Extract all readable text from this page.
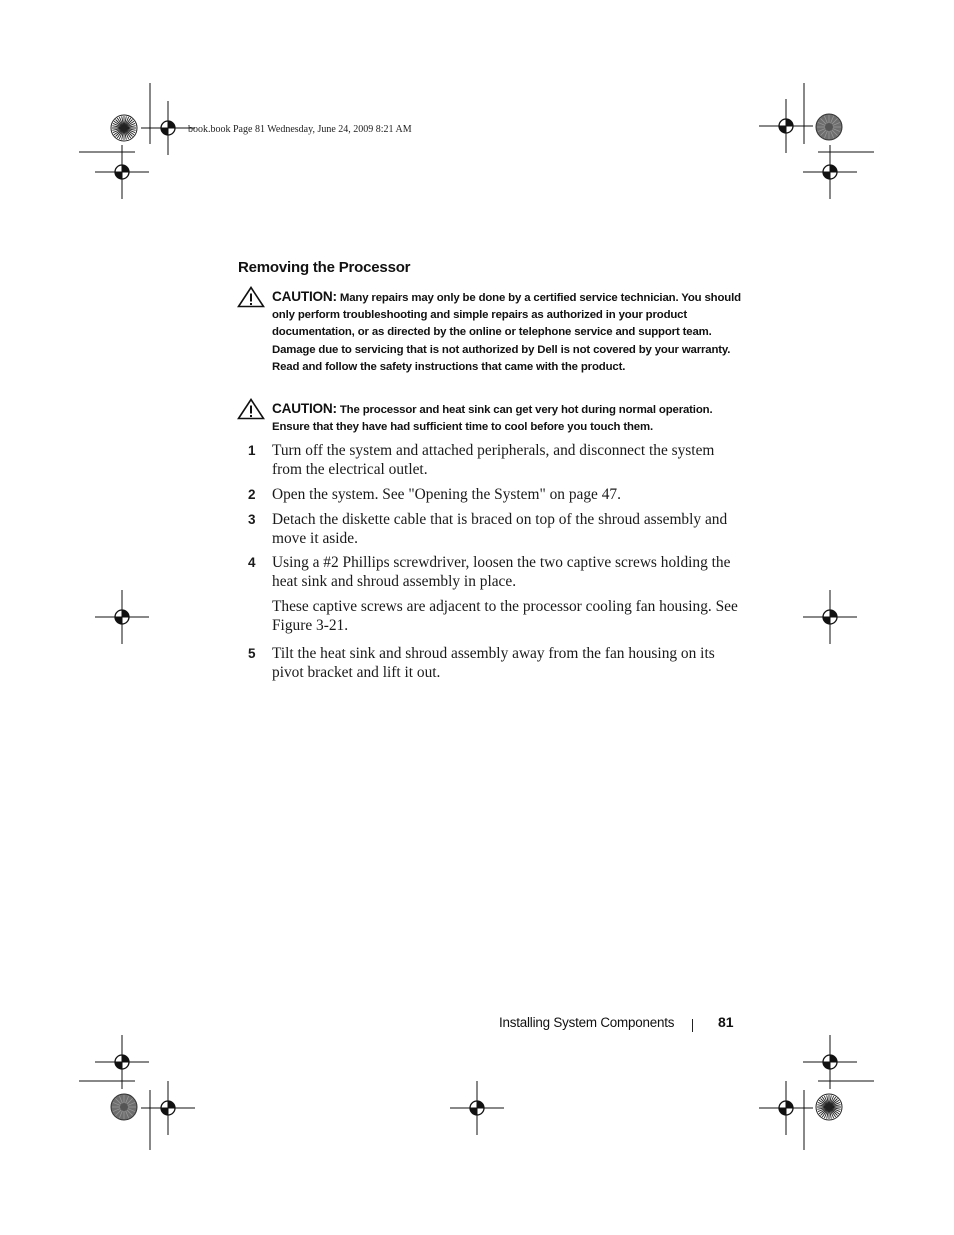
book.book Page 81 Wednesday, June 24, 2009 8:21 AM
Removing the Processor
CAUTION: Many repairs may only be done by a certified service technician. You should only perform troubleshooting and simple repairs as authorized in your product documentation, or as directed by the online or telephone service and support team. Damage due to servicing that is not authorized by Dell is not covered by your warranty. Read and follow the safety instructions that came with the product.
CAUTION: The processor and heat sink can get very hot during normal operation. Ensure that they have had sufficient time to cool before you touch them.
1 Turn off the system and attached peripherals, and disconnect the system from the electrical outlet.
2 Open the system. See "Opening the System" on page 47.
3 Detach the diskette cable that is braced on top of the shroud assembly and move it aside.
4 Using a #2 Phillips screwdriver, loosen the two captive screws holding the heat sink and shroud assembly in place.
These captive screws are adjacent to the processor cooling fan housing. See Figure 3-21.
5 Tilt the heat sink and shroud assembly away from the fan housing on its pivot bracket and lift it out.
Installing System Components	81
